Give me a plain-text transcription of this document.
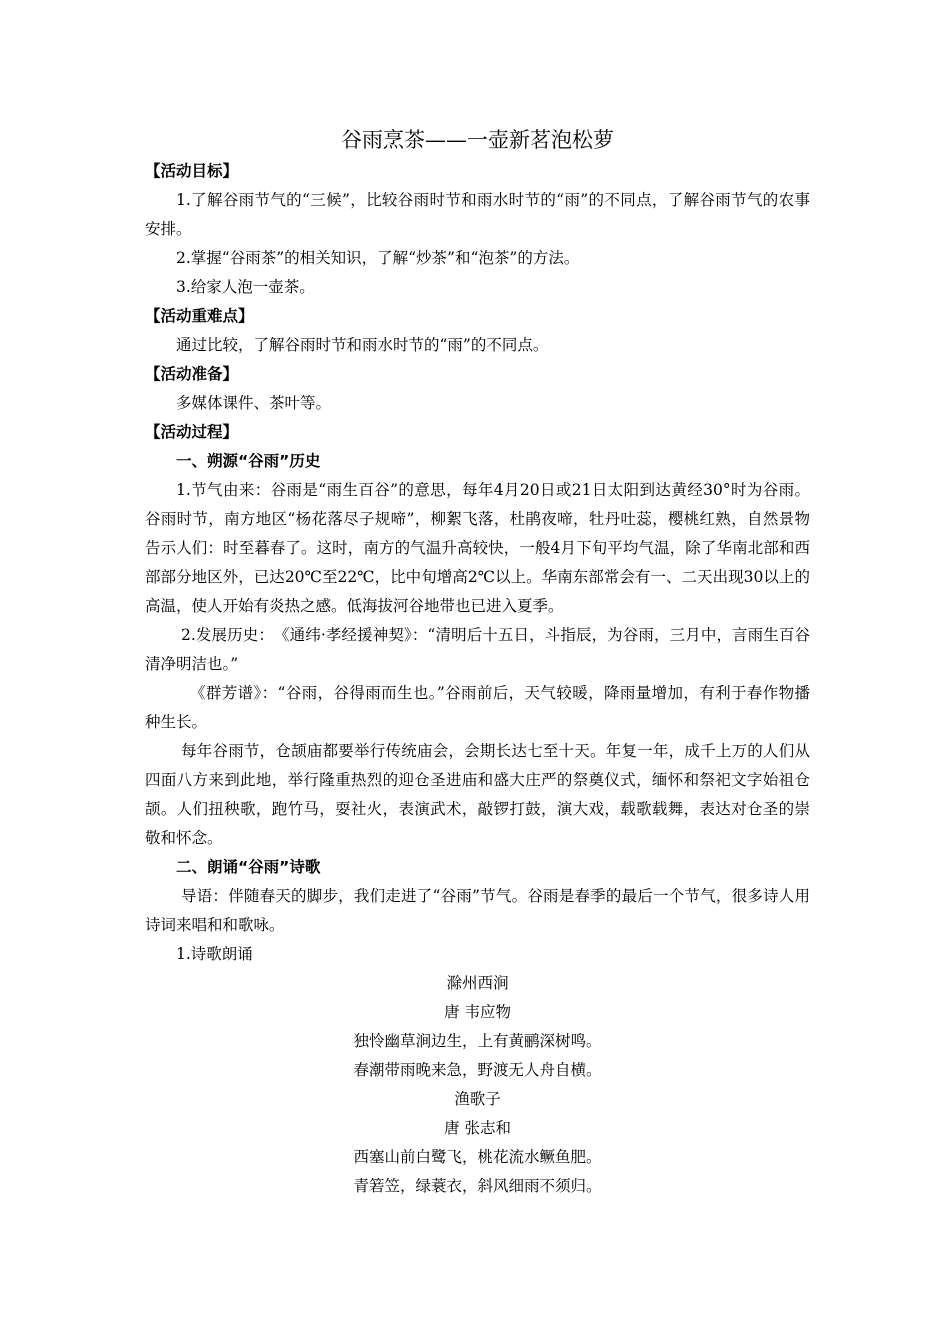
谷雨烹茶——一壶新茗泡松萝

【活动目标】

1.了解谷雨节气的“三候”，比较谷雨时节和雨水时节的“雨”的不同点，了解谷雨节气的农事安排。

2.掌握“谷雨茶”的相关知识，了解“炒茶”和“泡茶”的方法。

3.给家人泡一壶茶。

【活动重难点】

通过比较，了解谷雨时节和雨水时节的“雨”的不同点。

【活动准备】

多媒体课件、茶叶等。

【活动过程】

一、朔源“谷雨”历史

1.节气由来：谷雨是“雨生百谷”的意思，每年4月20日或21日太阳到达黄经30°时为谷雨。谷雨时节，南方地区“杨花落尽子规啼”，柳絮飞落，杜鹃夜啼，牡丹吐蕊，樱桃红熟，自然景物告示人们：时至暮春了。这时，南方的气温升高较快，一般4月下旬平均气温，除了华南北部和西部部分地区外，已达20℃至22℃，比中旬增高2℃以上。华南东部常会有一、二天出现30以上的高温，使人开始有炎热之感。低海拔河谷地带也已进入夏季。

2.发展历史：　《通纬·孝经援神契》：“清明后十五日，斗指辰，为谷雨，三月中，言雨生百谷清净明洁也。”

《群芳谱》：“谷雨，谷得雨而生也。”谷雨前后，天气较暖，降雨量增加，有利于春作物播种生长。

每年谷雨节，仓颉庙都要举行传统庙会，会期长达七至十天。年复一年，成千上万的人们从四面八方来到此地，举行隆重热烈的迎仓圣进庙和盛大庄严的祭奠仪式，缅怀和祭祀文字始祖仓颉。人们扭秧歌，跑竹马，耍社火，表演武术，敲锣打鼓，演大戏，载歌载舞，表达对仓圣的崇敬和怀念。

二、朗诵“谷雨”诗歌

导语：伴随春天的脚步，我们走进了“谷雨”节气。谷雨是春季的最后一个节气，很多诗人用诗词来唱和和歌咏。

1.诗歌朗诵

滁州西涧

唐 韦应物

独怜幽草涧边生，上有黄鹂深树鸣。

春潮带雨晚来急，野渡无人舟自横。

渔歌子

唐 张志和

西塞山前白鹭飞，桃花流水鳜鱼肥。

青箬笠，绿蓑衣，斜风细雨不须归。
